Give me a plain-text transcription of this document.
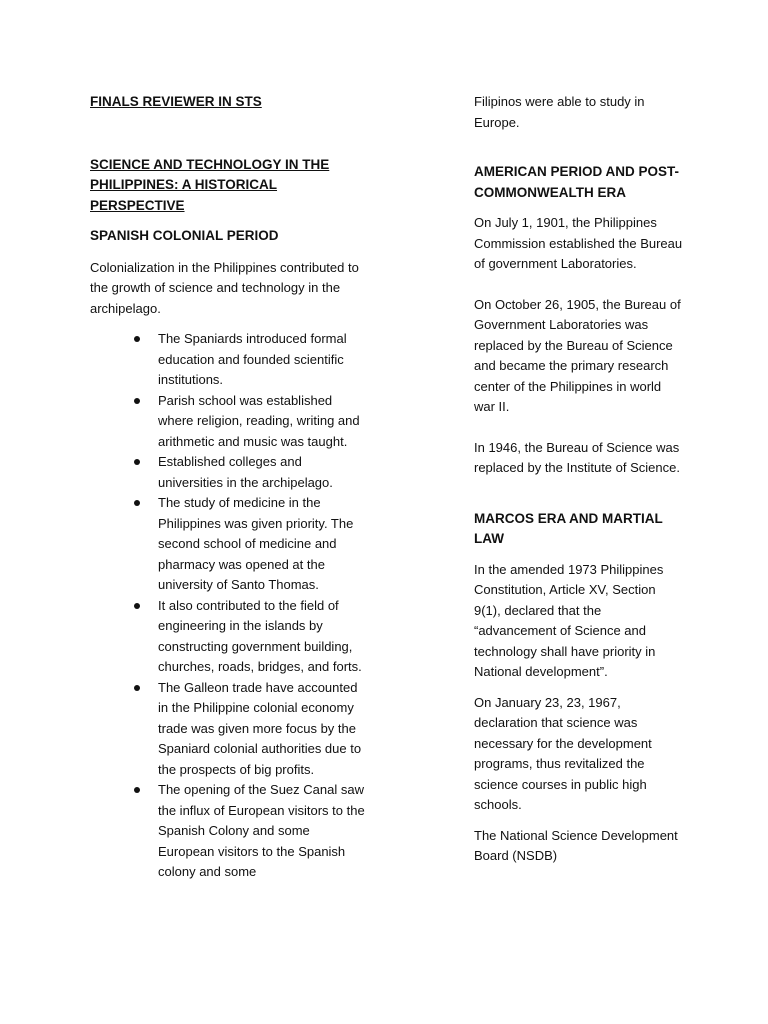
FINALS REVIEWER IN STS
SCIENCE AND TECHNOLOGY IN THE PHILIPPINES: A HISTORICAL PERSPECTIVE
SPANISH COLONIAL PERIOD

Colonialization in the Philippines contributed to the growth of science and technology in the archipelago.

The Spaniards introduced formal education and founded scientific institutions.
Parish school was established where religion, reading, writing and arithmetic and music was taught.
Established colleges and universities in the archipelago.
The study of medicine in the Philippines was given priority. The second school of medicine and pharmacy was opened at the university of Santo Thomas.
It also contributed to the field of engineering in the islands by constructing government building, churches, roads, bridges, and forts.
The Galleon trade have accounted in the Philippine colonial economy trade was given more focus by the Spaniard colonial authorities due to the prospects of big profits.
The opening of the Suez Canal saw the influx of European visitors to the Spanish Colony and some European visitors to the Spanish colony and some

Filipinos were able to study in Europe.

AMERICAN PERIOD AND POST-COMMONWEALTH ERA

On July 1, 1901, the Philippines Commission established the Bureau of government Laboratories.

On October 26, 1905, the Bureau of Government Laboratories was replaced by the Bureau of Science and became the primary research center of the Philippines in world war II.

In 1946, the Bureau of Science was replaced by the Institute of Science.

MARCOS ERA AND MARTIAL LAW

In the amended 1973 Philippines Constitution, Article XV, Section 9(1), declared that the “advancement of Science and technology shall have priority in National development”.

On January 23, 23, 1967, declaration that science was necessary for the development programs, thus revitalized the science courses in public high schools.

The National Science Development Board (NSDB)
